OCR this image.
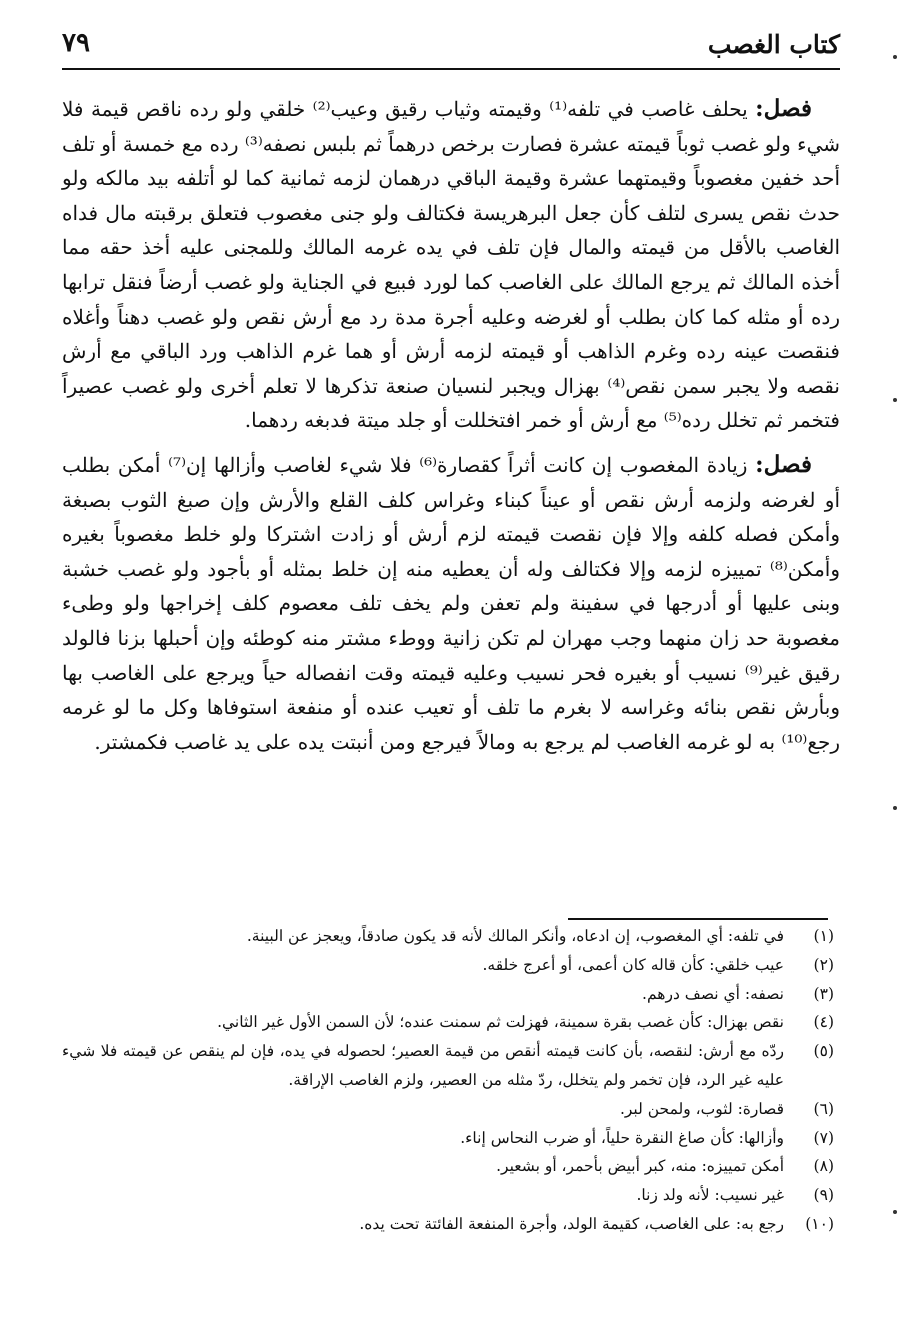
كتاب الغصب
٧٩

فصل: يحلف غاصب في تلفه⁽¹⁾ وقيمته وثياب رقيق وعيب⁽²⁾ خلقي ولو رده ناقص قيمة فلا شيء ولو غصب ثوباً قيمته عشرة فصارت برخص درهماً ثم بلبس نصفه⁽³⁾ رده مع خمسة أو تلف أحد خفين مغصوباً وقيمتهما عشرة وقيمة الباقي درهمان لزمه ثمانية كما لو أتلفه بيد مالكه ولو حدث نقص يسرى لتلف كأن جعل البرهريسة فكتالف ولو جنى مغصوب فتعلق برقبته مال فداه الغاصب بالأقل من قيمته والمال فإن تلف في يده غرمه المالك وللمجنى عليه أخذ حقه مما أخذه المالك ثم يرجع المالك على الغاصب كما لورد فبيع في الجناية ولو غصب أرضاً فنقل ترابها رده أو مثله كما كان بطلب أو لغرضه وعليه أجرة مدة رد مع أرش نقص ولو غصب دهناً وأغلاه فنقصت عينه رده وغرم الذاهب أو قيمته لزمه أرش أو هما غرم الذاهب ورد الباقي مع أرش نقصه ولا يجبر سمن نقص⁽⁴⁾ بهزال ويجبر لنسيان صنعة تذكرها لا تعلم أخرى ولو غصب عصيراً فتخمر ثم تخلل رده⁽⁵⁾ مع أرش أو خمر افتخللت أو جلد ميتة فدبغه ردهما.

فصل: زيادة المغصوب إن كانت أثراً كقصارة⁽⁶⁾ فلا شيء لغاصب وأزالها إن⁽⁷⁾ أمكن بطلب أو لغرضه ولزمه أرش نقص أو عيناً كبناء وغراس كلف القلع والأرش وإن صبغ الثوب بصبغة وأمكن فصله كلفه وإلا فإن نقصت قيمته لزم أرش أو زادت اشتركا ولو خلط مغصوباً بغيره وأمكن⁽⁸⁾ تمييزه لزمه وإلا فكتالف وله أن يعطيه منه إن خلط بمثله أو بأجود ولو غصب خشبة وبنى عليها أو أدرجها في سفينة ولم تعفن ولم يخف تلف معصوم كلف إخراجها ولو وطىء مغصوبة حد زان منهما وجب مهران لم تكن زانية ووطء مشتر منه كوطئه وإن أحبلها بزنا فالولد رقيق غير⁽⁹⁾ نسيب أو بغيره فحر نسيب وعليه قيمته وقت انفصاله حياً ويرجع على الغاصب بها وبأرش نقص بنائه وغراسه لا بغرم ما تلف أو تعيب عنده أو منفعة استوفاها وكل ما لو غرمه رجع⁽¹⁰⁾ به لو غرمه الغاصب لم يرجع به ومالاً فيرجع ومن أنبتت يده على يد غاصب فكمشتر.

(١)
في تلفه: أي المغصوب، إن ادعاه، وأنكر المالك لأنه قد يكون صادقاً، ويعجز عن البينة.
(٢)
عيب خلقي: كأن قاله كان أعمى، أو أعرج خلقه.
(٣)
نصفه: أي نصف درهم.
(٤)
نقص بهزال: كأن غصب بقرة سمينة، فهزلت ثم سمنت عنده؛ لأن السمن الأول غير الثاني.
(٥)
ردّه مع أرش: لنقصه، بأن كانت قيمته أنقص من قيمة العصير؛ لحصوله في يده، فإن لم ينقص عن قيمته فلا شيء عليه غير الرد، فإن تخمر ولم يتخلل، ردّ مثله من العصير، ولزم الغاصب الإراقة.
(٦)
قصارة: لثوب، ولمحن لبر.
(٧)
وأزالها: كأن صاغ النقرة حلياً، أو ضرب النحاس إناء.
(٨)
أمكن تمييزه: منه، كبر أبيض بأحمر، أو بشعير.
(٩)
غير نسيب: لأنه ولد زنا.
(١٠)
رجع به: على الغاصب، كقيمة الولد، وأجرة المنفعة الفائتة تحت يده.
